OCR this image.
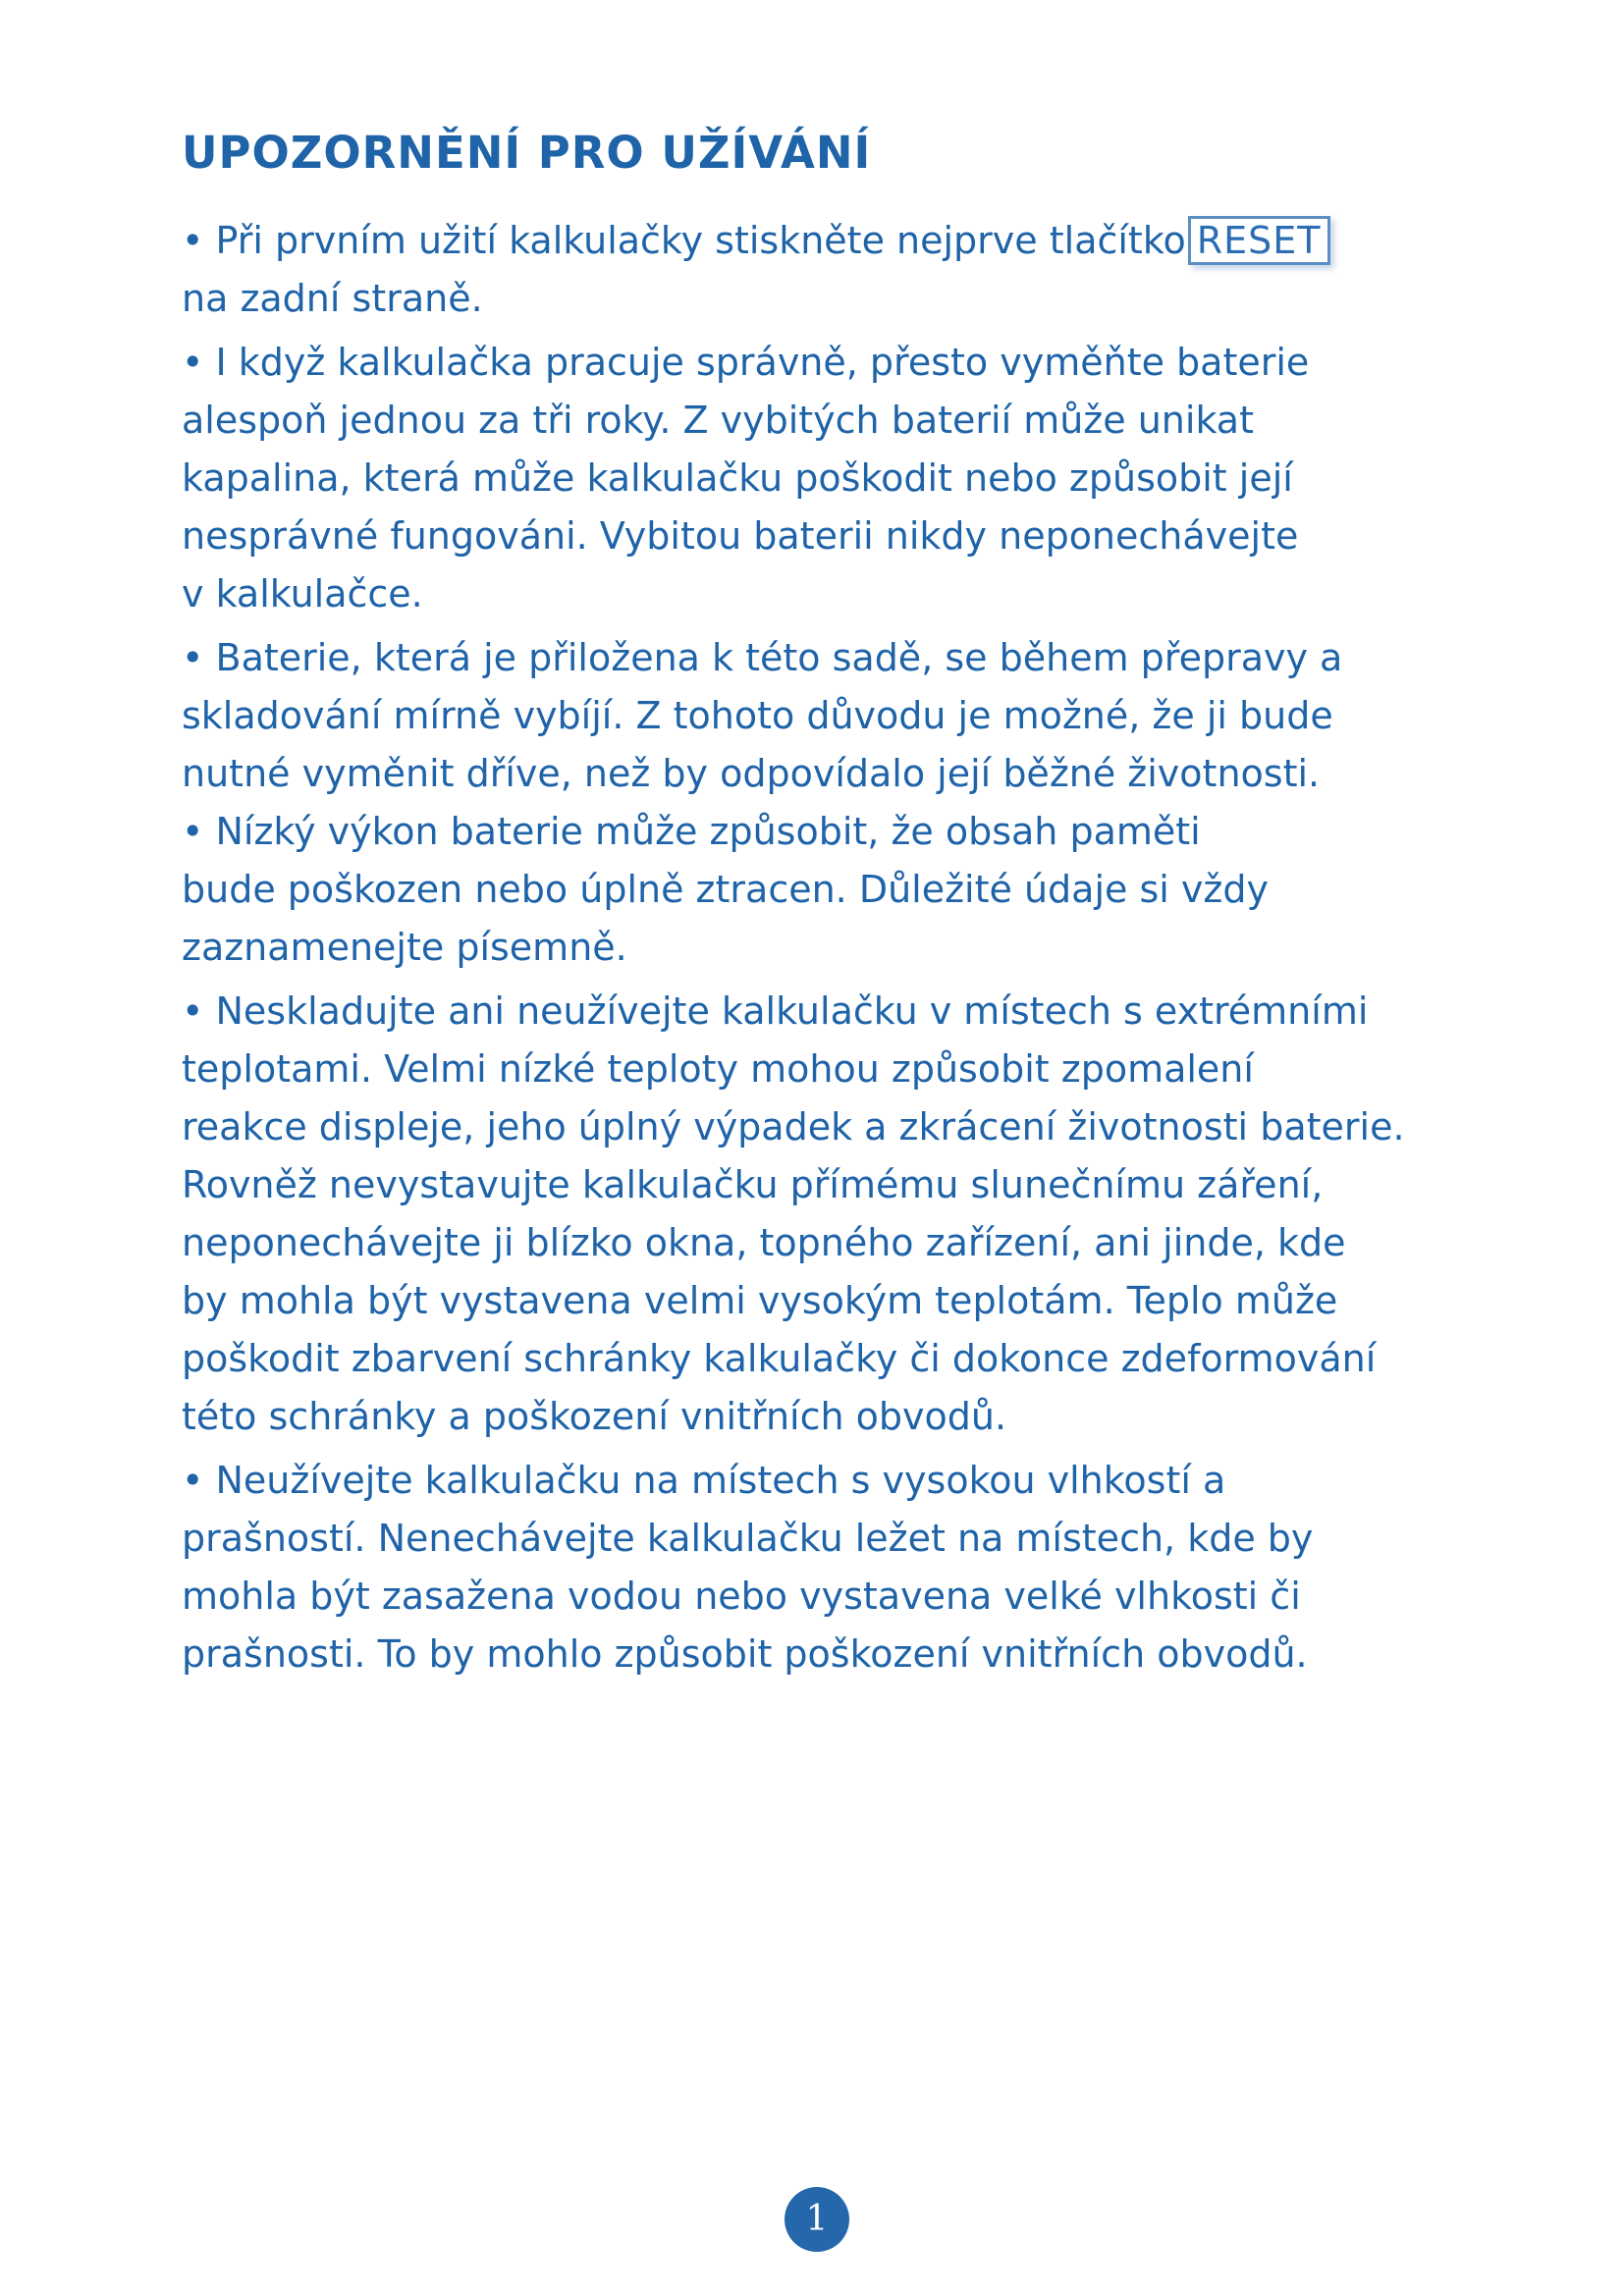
UPOZORNĚNÍ PRO UŽÍVÁNÍ
• Při prvním užití kalkulačky stiskněte nejprve tlačítko RESET
na zadní straně.
• I když kalkulačka pracuje správně, přesto vyměňte baterie
alespoň jednou za tři roky. Z vybitých baterií může unikat
kapalina, která může kalkulačku poškodit nebo způsobit její
nesprávné fungováni. Vybitou baterii nikdy neponechávejte
v kalkulačce.
• Baterie, která je přiložena k této sadě, se během přepravy a
skladování mírně vybíjí. Z tohoto důvodu je možné, že ji bude
nutné vyměnit dříve, než by odpovídalo její běžné životnosti.
• Nízký výkon baterie může způsobit, že obsah paměti
bude poškozen nebo úplně ztracen. Důležité údaje si vždy
zaznamenejte písemně.
• Neskladujte ani neužívejte kalkulačku v místech s extrémními
teplotami. Velmi nízké teploty mohou způsobit zpomalení
reakce displeje, jeho úplný výpadek a zkrácení životnosti baterie.
Rovněž nevystavujte kalkulačku přímému slunečnímu záření,
neponechávejte ji blízko okna, topného zařízení, ani jinde, kde
by mohla být vystavena velmi vysokým teplotám. Teplo může
poškodit zbarvení schránky kalkulačky či dokonce zdeformování
této schránky a poškození vnitřních obvodů.
• Neužívejte kalkulačku na místech s vysokou vlhkostí a
prašností. Nenechávejte kalkulačku ležet na místech, kde by
mohla být zasažena vodou nebo vystavena velké vlhkosti či
prašnosti. To by mohlo způsobit poškození vnitřních obvodů.
1
